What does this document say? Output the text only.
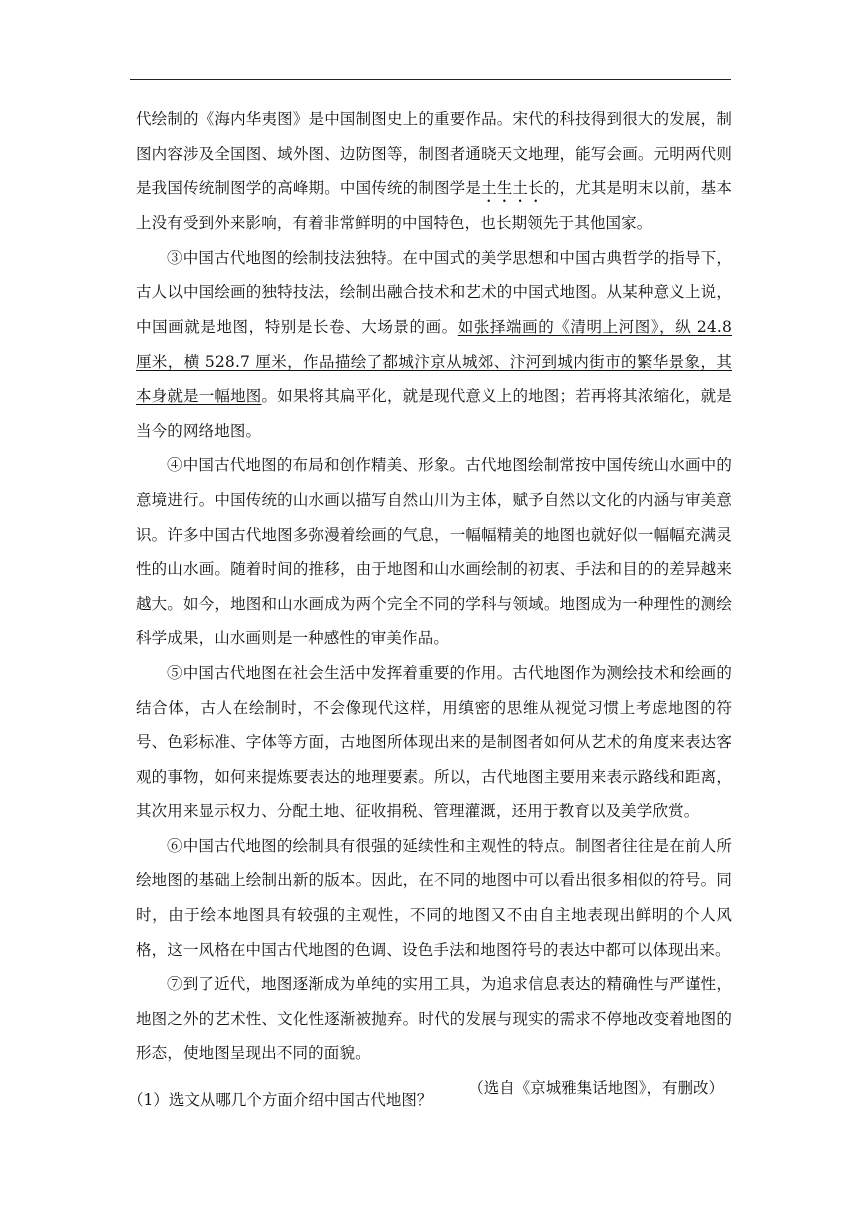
代绘制的《海内华夷图》是中国制图史上的重要作品。宋代的科技得到很大的发展，制图内容涉及全国图、域外图、边防图等，制图者通晓天文地理，能写会画。元明两代则是我国传统制图学的高峰期。中国传统的制图学是土生土长的，尤其是明末以前，基本上没有受到外来影响，有着非常鲜明的中国特色，也长期领先于其他国家。

③中国古代地图的绘制技法独特。在中国式的美学思想和中国古典哲学的指导下，古人以中国绘画的独特技法，绘制出融合技术和艺术的中国式地图。从某种意义上说，中国画就是地图，特别是长卷、大场景的画。如张择端画的《清明上河图》，纵 24.8 厘米，横 528.7 厘米，作品描绘了都城汴京从城郊、汴河到城内街市的繁华景象，其本身就是一幅地图。如果将其扁平化，就是现代意义上的地图；若再将其浓缩化，就是当今的网络地图。

④中国古代地图的布局和创作精美、形象。古代地图绘制常按中国传统山水画中的意境进行。中国传统的山水画以描写自然山川为主体，赋予自然以文化的内涵与审美意识。许多中国古代地图多弥漫着绘画的气息，一幅幅精美的地图也就好似一幅幅充满灵性的山水画。随着时间的推移，由于地图和山水画绘制的初衷、手法和目的的差异越来越大。如今，地图和山水画成为两个完全不同的学科与领域。地图成为一种理性的测绘科学成果，山水画则是一种感性的审美作品。

⑤中国古代地图在社会生活中发挥着重要的作用。古代地图作为测绘技术和绘画的结合体，古人在绘制时，不会像现代这样，用缜密的思维从视觉习惯上考虑地图的符号、色彩标准、字体等方面，古地图所体现出来的是制图者如何从艺术的角度来表达客观的事物，如何来提炼要表达的地理要素。所以，古代地图主要用来表示路线和距离，其次用来显示权力、分配土地、征收捐税、管理灌溉，还用于教育以及美学欣赏。

⑥中国古代地图的绘制具有很强的延续性和主观性的特点。制图者往往是在前人所绘地图的基础上绘制出新的版本。因此，在不同的地图中可以看出很多相似的符号。同时，由于绘本地图具有较强的主观性，不同的地图又不由自主地表现出鲜明的个人风格，这一风格在中国古代地图的色调、设色手法和地图符号的表达中都可以体现出来。

⑦到了近代，地图逐渐成为单纯的实用工具，为追求信息表达的精确性与严谨性，地图之外的艺术性、文化性逐渐被抛弃。时代的发展与现实的需求不停地改变着地图的形态，使地图呈现出不同的面貌。

（选自《京城雅集话地图》，有删改）

（1）选文从哪几个方面介绍中国古代地图？
